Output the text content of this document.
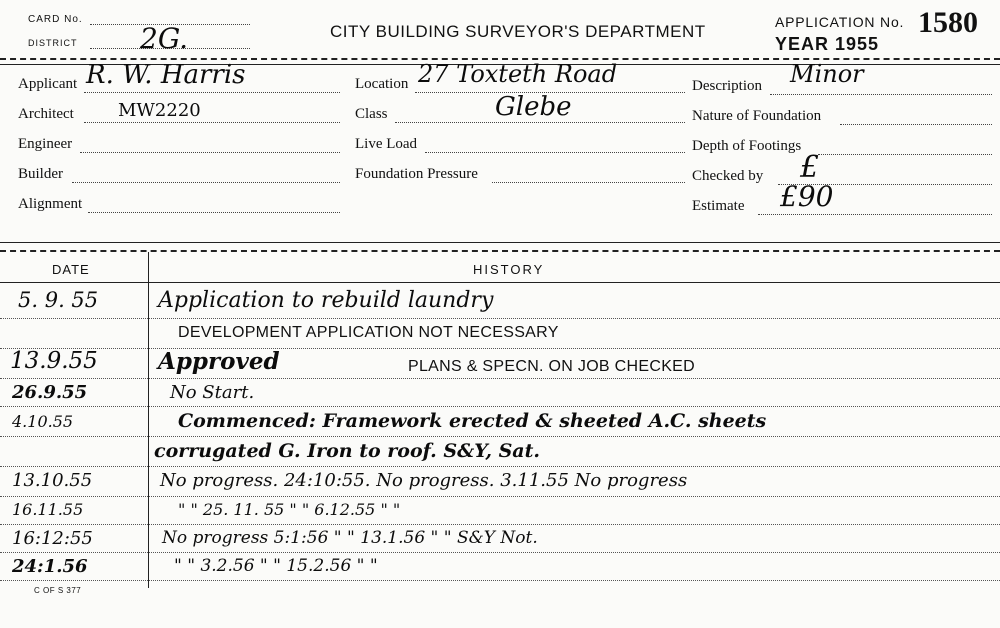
CARD No.
DISTRICT 2G.	CITY BUILDING SURVEYOR'S DEPARTMENT	APPLICATION No. 1580
YEAR 1955
Applicant R. W. Harris
Architect MW2220
Engineer
Builder
Alignment
Location 27 Toxteth Road
Class	Glebe
Live Load
Foundation Pressure
Description Minor
Nature of Foundation
Depth of Footings
Checked by £
Estimate £90
DATE	HISTORY
5. 9. 55	Application to rebuild laundry
DEVELOPMENT APPLICATION NOT NECESSARY
13.9.55	Approved	PLANS & SPECN. ON JOB CHECKED
26.9.55	No Start.
4.10.55	Commenced: Framework erected & sheeted A.C. sheets
corrugated G. Iron to roof. S&Y, Sat.
13.10.55	No progress. 24:10:55. No progress. 3.11.55 No progress
16.11.55	" " 25. 11. 55 " " 6.12.55 " "
16:12:55	No progress 5:1:56 " " 13.1.56 " " S&Y Not.
24:1.56	" " 3.2.56 " " 15.2.56 " "
C OF S 377
